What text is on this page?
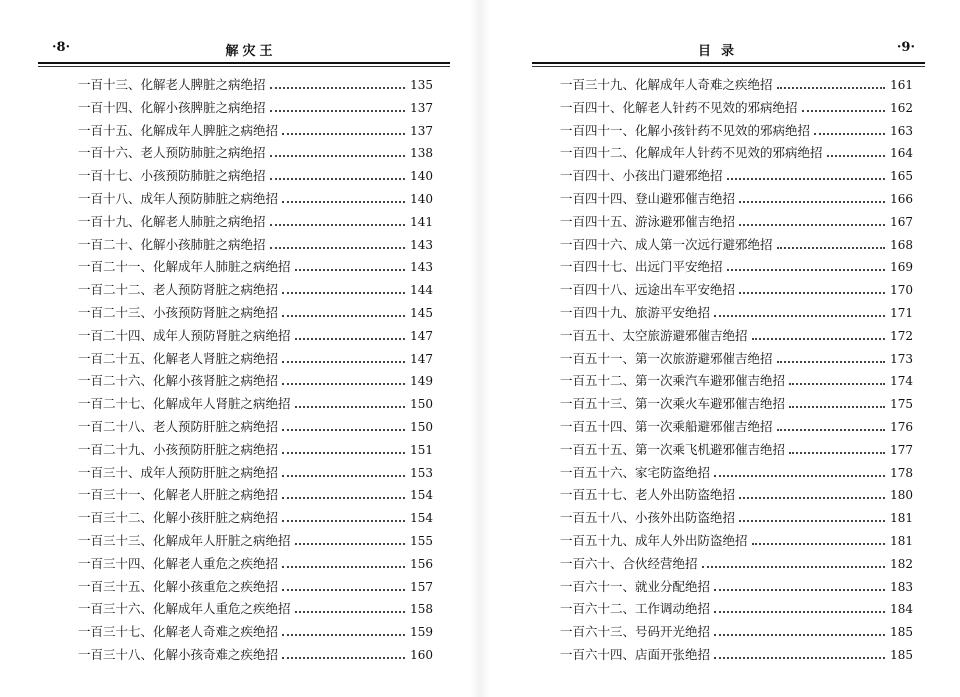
·8·	解灾王
一百十三、化解老人脾脏之病绝招	135
一百十四、化解小孩脾脏之病绝招	137
一百十五、化解成年人脾脏之病绝招	137
一百十六、老人预防肺脏之病绝招	138
一百十七、小孩预防肺脏之病绝招	140
一百十八、成年人预防肺脏之病绝招	140
一百十九、化解老人肺脏之病绝招	141
一百二十、化解小孩肺脏之病绝招	143
一百二十一、化解成年人肺脏之病绝招	143
一百二十二、老人预防肾脏之病绝招	144
一百二十三、小孩预防肾脏之病绝招	145
一百二十四、成年人预防肾脏之病绝招	147
一百二十五、化解老人肾脏之病绝招	147
一百二十六、化解小孩肾脏之病绝招	149
一百二十七、化解成年人肾脏之病绝招	150
一百二十八、老人预防肝脏之病绝招	150
一百二十九、小孩预防肝脏之病绝招	151
一百三十、成年人预防肝脏之病绝招	153
一百三十一、化解老人肝脏之病绝招	154
一百三十二、化解小孩肝脏之病绝招	154
一百三十三、化解成年人肝脏之病绝招	155
一百三十四、化解老人重危之疾绝招	156
一百三十五、化解小孩重危之疾绝招	157
一百三十六、化解成年人重危之疾绝招	158
一百三十七、化解老人奇难之疾绝招	159
一百三十八、化解小孩奇难之疾绝招	160
目录	·9·
一百三十九、化解成年人奇难之疾绝招	161
一百四十、化解老人针药不见效的邪病绝招	162
一百四十一、化解小孩针药不见效的邪病绝招	163
一百四十二、化解成年人针药不见效的邪病绝招	164
一百四十、小孩出门避邪绝招	165
一百四十四、登山避邪催吉绝招	166
一百四十五、游泳避邪催吉绝招	167
一百四十六、成人第一次远行避邪绝招	168
一百四十七、出远门平安绝招	169
一百四十八、远途出车平安绝招	170
一百四十九、旅游平安绝招	171
一百五十、太空旅游避邪催吉绝招	172
一百五十一、第一次旅游避邪催吉绝招	173
一百五十二、第一次乘汽车避邪催吉绝招	174
一百五十三、第一次乘火车避邪催吉绝招	175
一百五十四、第一次乘船避邪催吉绝招	176
一百五十五、第一次乘飞机避邪催吉绝招	177
一百五十六、家宅防盗绝招	178
一百五十七、老人外出防盗绝招	180
一百五十八、小孩外出防盗绝招	181
一百五十九、成年人外出防盗绝招	181
一百六十、合伙经营绝招	182
一百六十一、就业分配绝招	183
一百六十二、工作调动绝招	184
一百六十三、号码开光绝招	185
一百六十四、店面开张绝招	185
